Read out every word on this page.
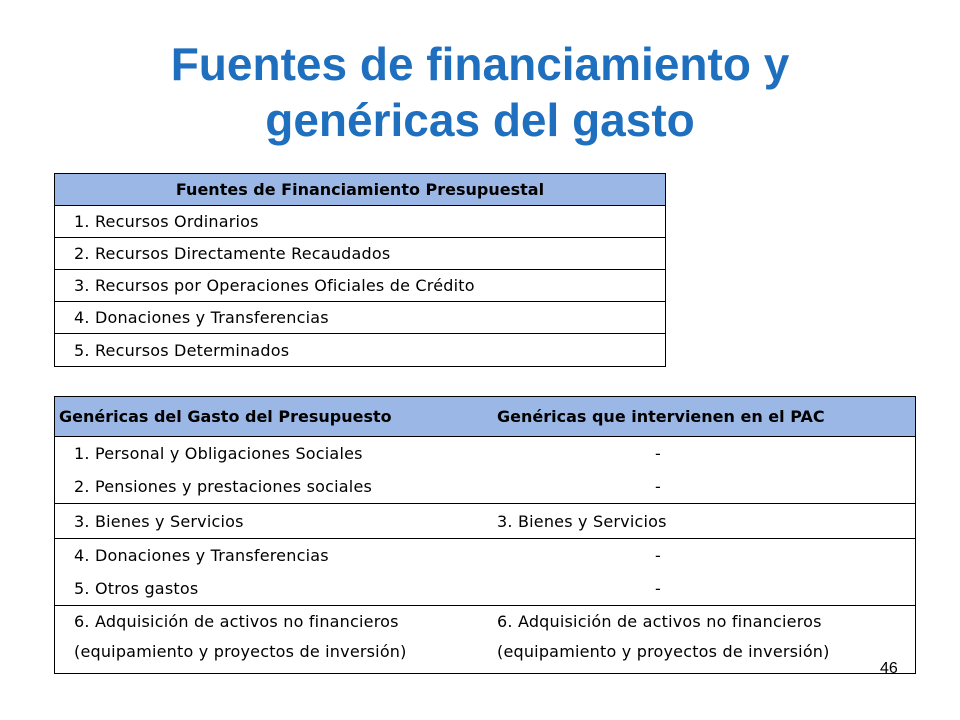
Fuentes de financiamiento y
genéricas del gasto
Fuentes de Financiamiento Presupuestal
1. Recursos Ordinarios
2. Recursos Directamente Recaudados
3. Recursos por Operaciones Oficiales de Crédito
4. Donaciones y Transferencias
5. Recursos Determinados
Genéricas del Gasto del Presupuesto	Genéricas que intervienen en el PAC
1. Personal y Obligaciones Sociales	-
2. Pensiones y prestaciones sociales	-
3. Bienes y Servicios	3. Bienes y Servicios
4. Donaciones y Transferencias	-
5. Otros gastos	-
6. Adquisición de activos no financieros	6. Adquisición de activos no financieros
(equipamiento y proyectos de inversión)	(equipamiento y proyectos de inversión)
46
